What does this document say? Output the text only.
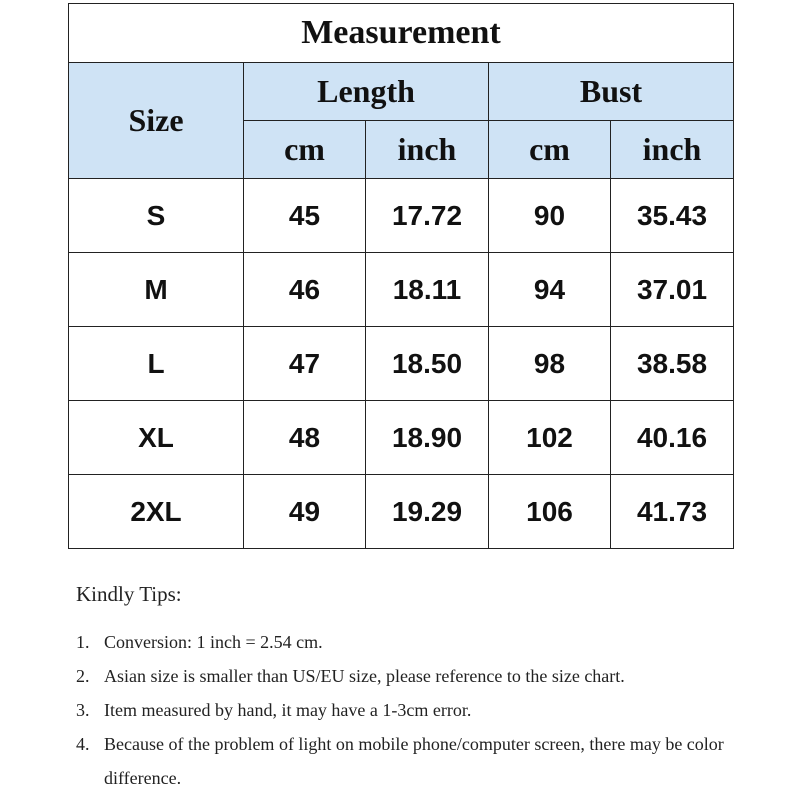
Measurement				
Size	Length		Bust	
	cm	inch	cm	inch
S	45	17.72	90	35.43
M	46	18.11	94	37.01
L	47	18.50	98	38.58
XL	48	18.90	102	40.16
2XL	49	19.29	106	41.73

Kindly Tips:

1. Conversion: 1 inch = 2.54 cm.
2. Asian size is smaller than US/EU size, please reference to the size chart.
3. Item measured by hand, it may have a 1-3cm error.
4. Because of the problem of light on mobile phone/computer screen, there may be color difference.
